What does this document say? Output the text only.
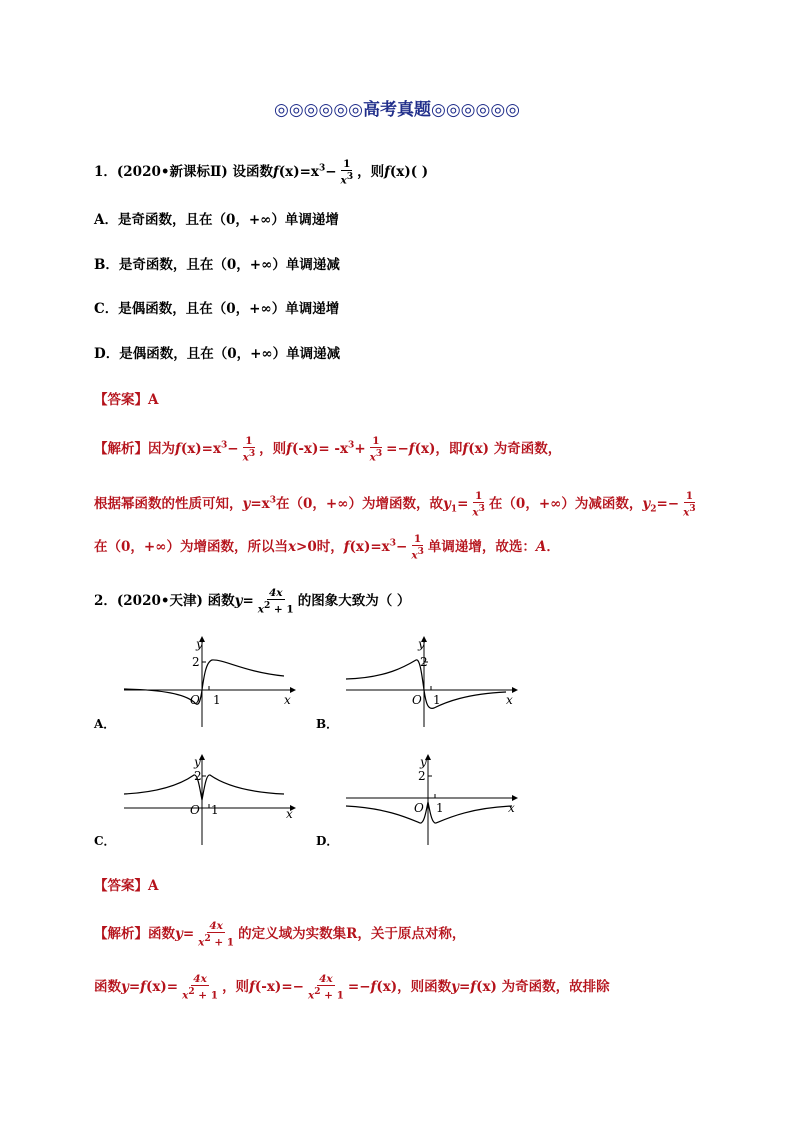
◎◎◎◎◎◎高考真题◎◎◎◎◎◎
1．(2020•新课标Ⅱ) 设函数$f(x)=x^3- \frac{1}{x^3}$ ，则f(x)( )
A．是奇函数，且在（0，+∞）单调递增
B．是奇函数，且在（0，+∞）单调递减
C．是偶函数，且在（0，+∞）单调递增
D．是偶函数，且在（0，+∞）单调递减
【答案】A
【解析】因为$f(x)=x^3- \frac{1}{x^3}$ ，则$f(-x)= -x^3+ \frac{1}{x^3} =-f(x)$，即f(x) 为奇函数，
根据幂函数的性质可知，$y=x^3$在（0，+∞）为增函数，故$y_1= \frac{1}{x^3}$ 在（0，+∞）为减函数，$y_2=- \frac{1}{x^3}$
在（0，+∞）为增函数，所以当x>0时，$f(x)=x^3- \frac{1}{x^3}$ 单调递增，故选：A．
2．(2020•天津) 函数$y= \frac{4x}{x^2 + 1}$ 的图象大致为（ ）
y
2
O 1	x
A．
y
2
O 1	x
B．
y
2
O 1	x
C．
y
2
O 1	x
D．
【答案】A
【解析】函数$y= \frac{4x}{x^2 + 1}$ 的定义域为实数集R，关于原点对称，
函数$y=f(x)= \frac{4x}{x^2 + 1}$ ，则$f(-x)=- \frac{4x}{x^2 + 1} =-f(x)$，则函数y=f(x) 为奇函数，故排除
